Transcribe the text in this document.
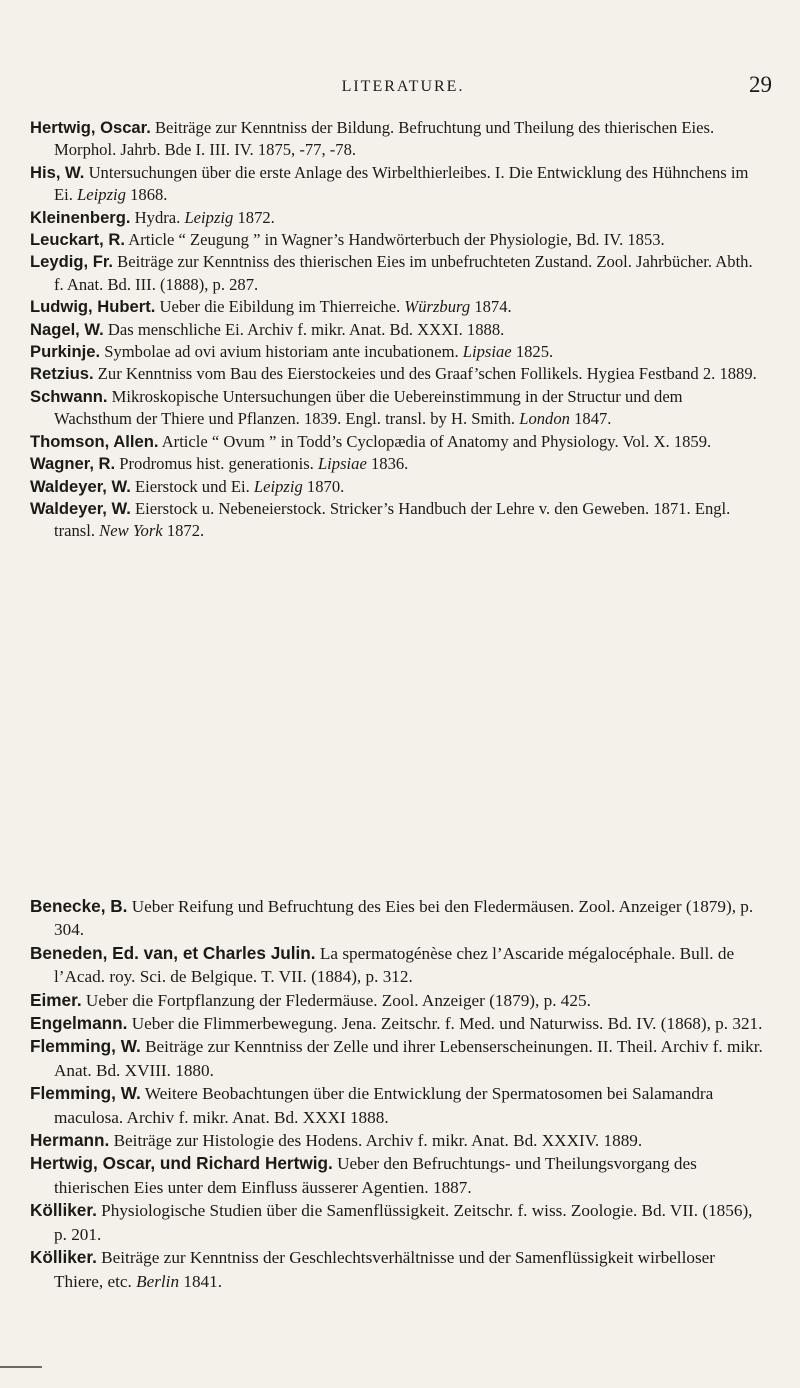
LITERATURE.	29

Hertwig, Oscar. Beiträge zur Kenntniss der Bildung. Befruchtung und Theilung des thierischen Eies. Morphol. Jahrb. Bde I. III. IV. 1875, -77, -78.

His, W. Untersuchungen über die erste Anlage des Wirbelthierleibes. I. Die Entwicklung des Hühnchens im Ei. Leipzig 1868.

Kleinenberg. Hydra. Leipzig 1872.

Leuckart, R. Article “ Zeugung ” in Wagner’s Handwörterbuch der Physiologie, Bd. IV. 1853.

Leydig, Fr. Beiträge zur Kenntniss des thierischen Eies im unbefruchteten Zustand. Zool. Jahrbücher. Abth. f. Anat. Bd. III. (1888), p. 287.

Ludwig, Hubert. Ueber die Eibildung im Thierreiche. Würzburg 1874.

Nagel, W. Das menschliche Ei. Archiv f. mikr. Anat. Bd. XXXI. 1888.

Purkinje. Symbolae ad ovi avium historiam ante incubationem. Lipsiae 1825.

Retzius. Zur Kenntniss vom Bau des Eierstockeies und des Graaf’schen Follikels. Hygiea Festband 2. 1889.

Schwann. Mikroskopische Untersuchungen über die Uebereinstimmung in der Structur und dem Wachsthum der Thiere und Pflanzen. 1839. Engl. transl. by H. Smith. London 1847.

Thomson, Allen. Article “ Ovum ” in Todd’s Cyclopædia of Anatomy and Physiology. Vol. X. 1859.

Wagner, R. Prodromus hist. generationis. Lipsiae 1836.

Waldeyer, W. Eierstock und Ei. Leipzig 1870.

Waldeyer, W. Eierstock u. Nebeneierstock. Stricker’s Handbuch der Lehre v. den Geweben. 1871. Engl. transl. New York 1872.

Benecke, B. Ueber Reifung und Befruchtung des Eies bei den Fledermäusen. Zool. Anzeiger (1879), p. 304.

Beneden, Ed. van, et Charles Julin. La spermatogénèse chez l’Ascaride mégalocéphale. Bull. de l’Acad. roy. Sci. de Belgique. T. VII. (1884), p. 312.

Eimer. Ueber die Fortpflanzung der Fledermäuse. Zool. Anzeiger (1879), p. 425.

Engelmann. Ueber die Flimmerbewegung. Jena. Zeitschr. f. Med. und Naturwiss. Bd. IV. (1868), p. 321.

Flemming, W. Beiträge zur Kenntniss der Zelle und ihrer Lebenserscheinungen. II. Theil. Archiv f. mikr. Anat. Bd. XVIII. 1880.

Flemming, W. Weitere Beobachtungen über die Entwicklung der Spermatosomen bei Salamandra maculosa. Archiv f. mikr. Anat. Bd. XXXI 1888.

Hermann. Beiträge zur Histologie des Hodens. Archiv f. mikr. Anat. Bd. XXXIV. 1889.

Hertwig, Oscar, und Richard Hertwig. Ueber den Befruchtungs- und Theilungsvorgang des thierischen Eies unter dem Einfluss äusserer Agentien. 1887.

Kölliker. Physiologische Studien über die Samenflüssigkeit. Zeitschr. f. wiss. Zoologie. Bd. VII. (1856), p. 201.

Kölliker. Beiträge zur Kenntniss der Geschlechtsverhältnisse und der Samenflüssigkeit wirbelloser Thiere, etc. Berlin 1841.
